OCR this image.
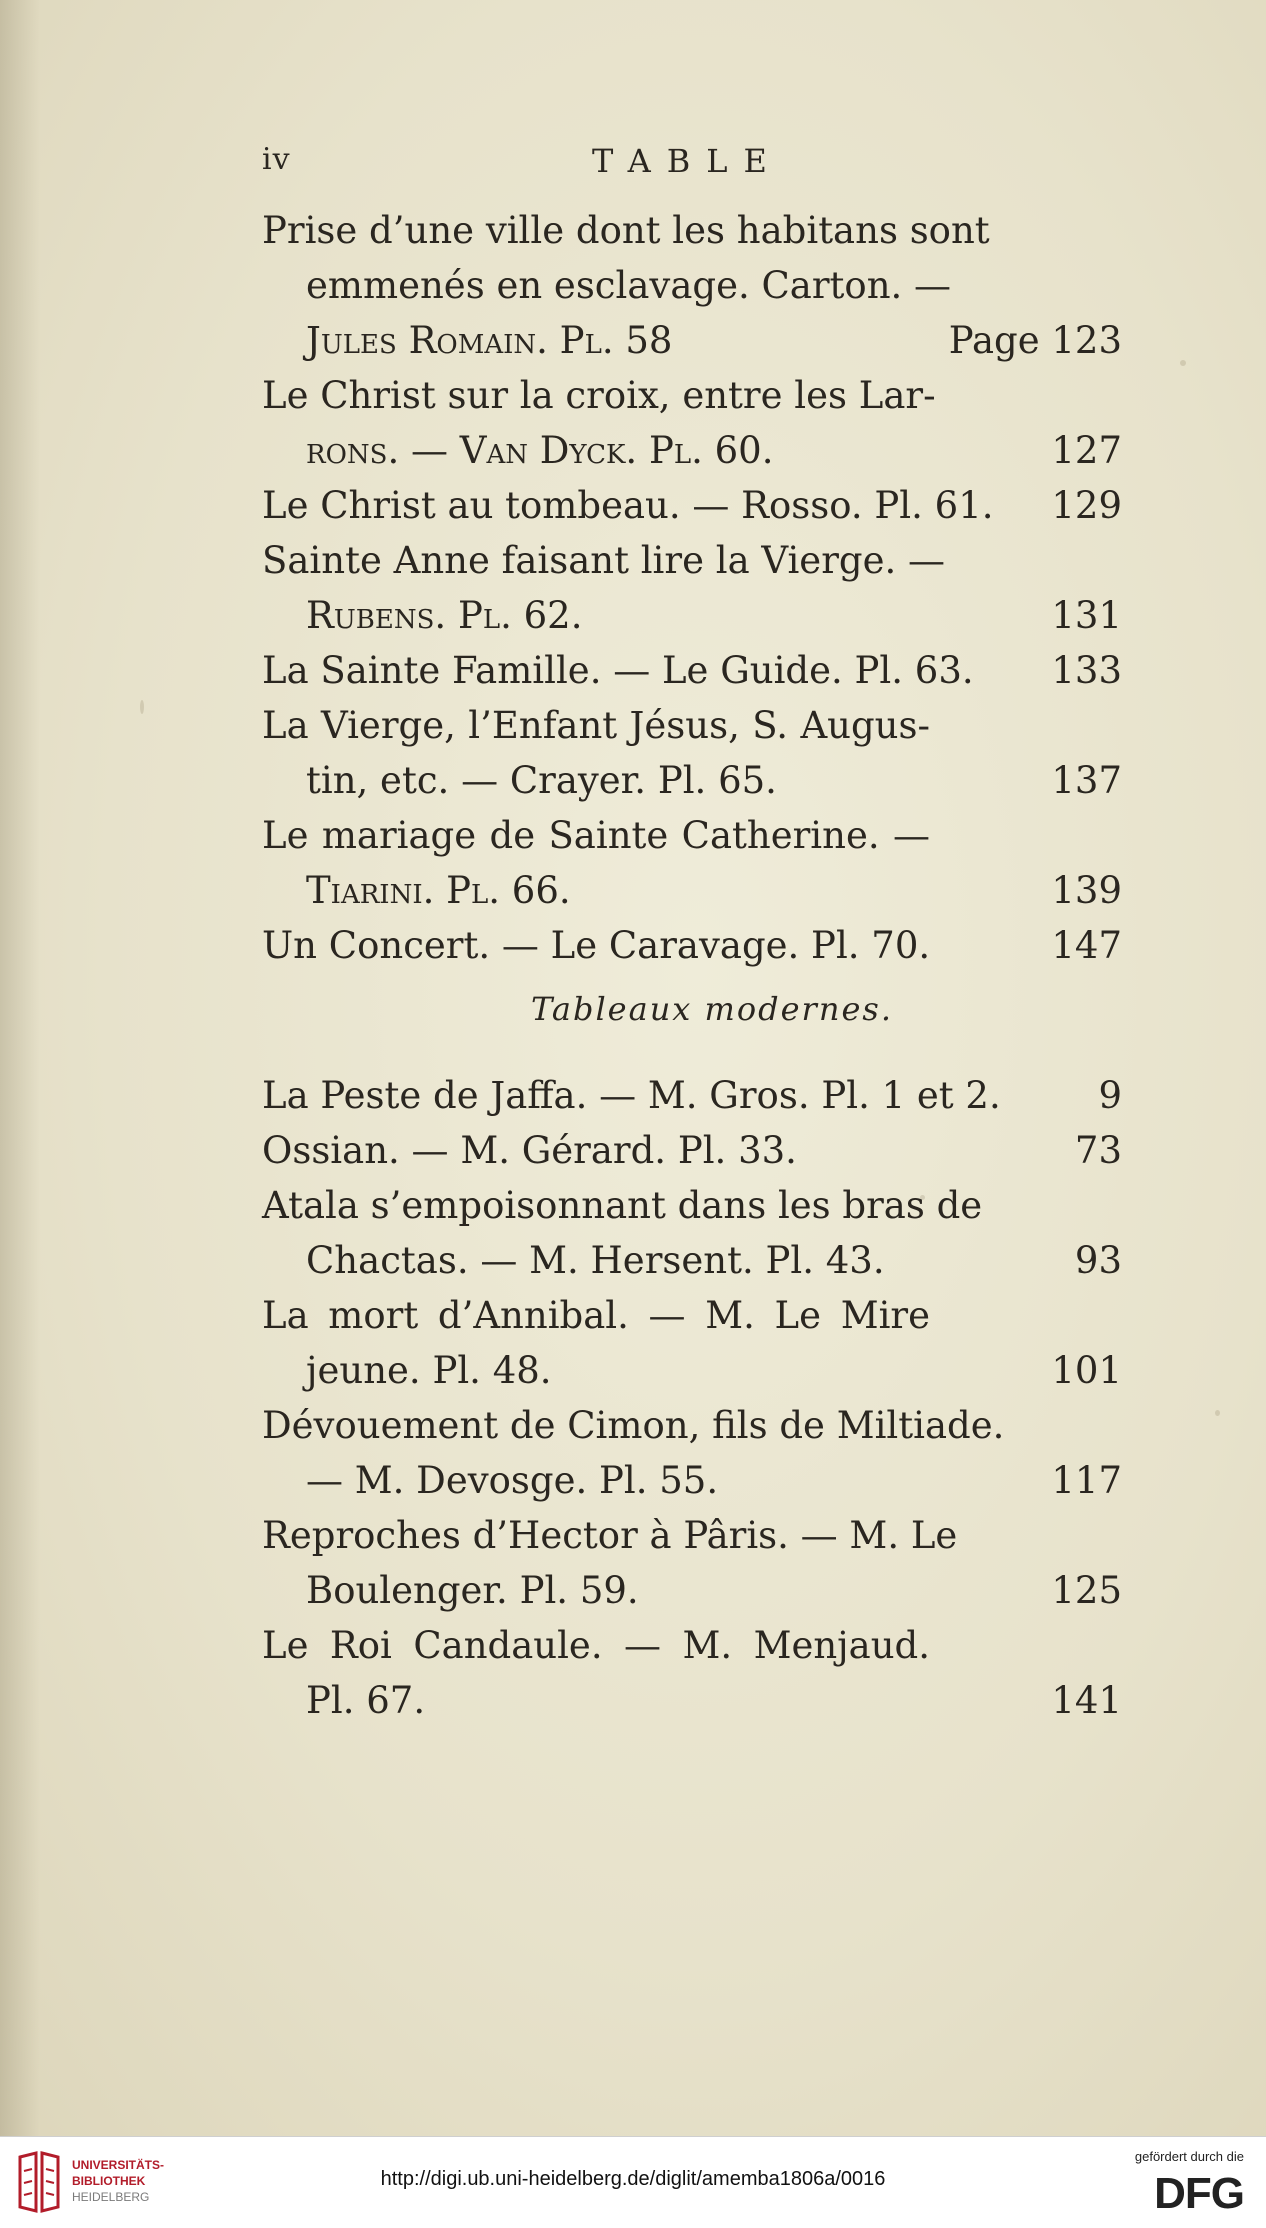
iv	TABLE
Prise d’une ville dont les habitans sont
emmenés en esclavage. Carton. —
Jules Romain. Pl. 58	Page 123
Le Christ sur la croix, entre les Lar-
rons. — Van Dyck. Pl. 60.	127
Le Christ au tombeau. — Rosso. Pl. 61. 129
Sainte Anne faisant lire la Vierge. —
Rubens. Pl. 62.	131
La Sainte Famille. — Le Guide. Pl. 63. 133
La Vierge, l’Enfant Jésus, S. Augus-
tin, etc. — Crayer. Pl. 65.	137
Le mariage de Sainte Catherine. —
Tiarini. Pl. 66.	139
Un Concert. — Le Caravage. Pl. 70.	147
Tableaux modernes.
La Peste de Jaffa. — M. Gros. Pl. 1 et 2.	9
Ossian. — M. Gérard. Pl. 33.	73
Atala s’empoisonnant dans les bras de
Chactas. — M. Hersent. Pl. 43.	93
La mort d’Annibal. — M. Le Mire
jeune. Pl. 48.	101
Dévouement de Cimon, fils de Miltiade.
— M. Devosge. Pl. 55.	117
Reproches d’Hector à Pâris. — M. Le
Boulenger. Pl. 59.	125
Le Roi Candaule. — M. Menjaud.
Pl. 67.	141
UNIVERSITÄTS-
BIBLIOTHEK
HEIDELBERG
http://digi.ub.uni-heidelberg.de/diglit/amemba1806a/0016
gefördert durch die
DFG
